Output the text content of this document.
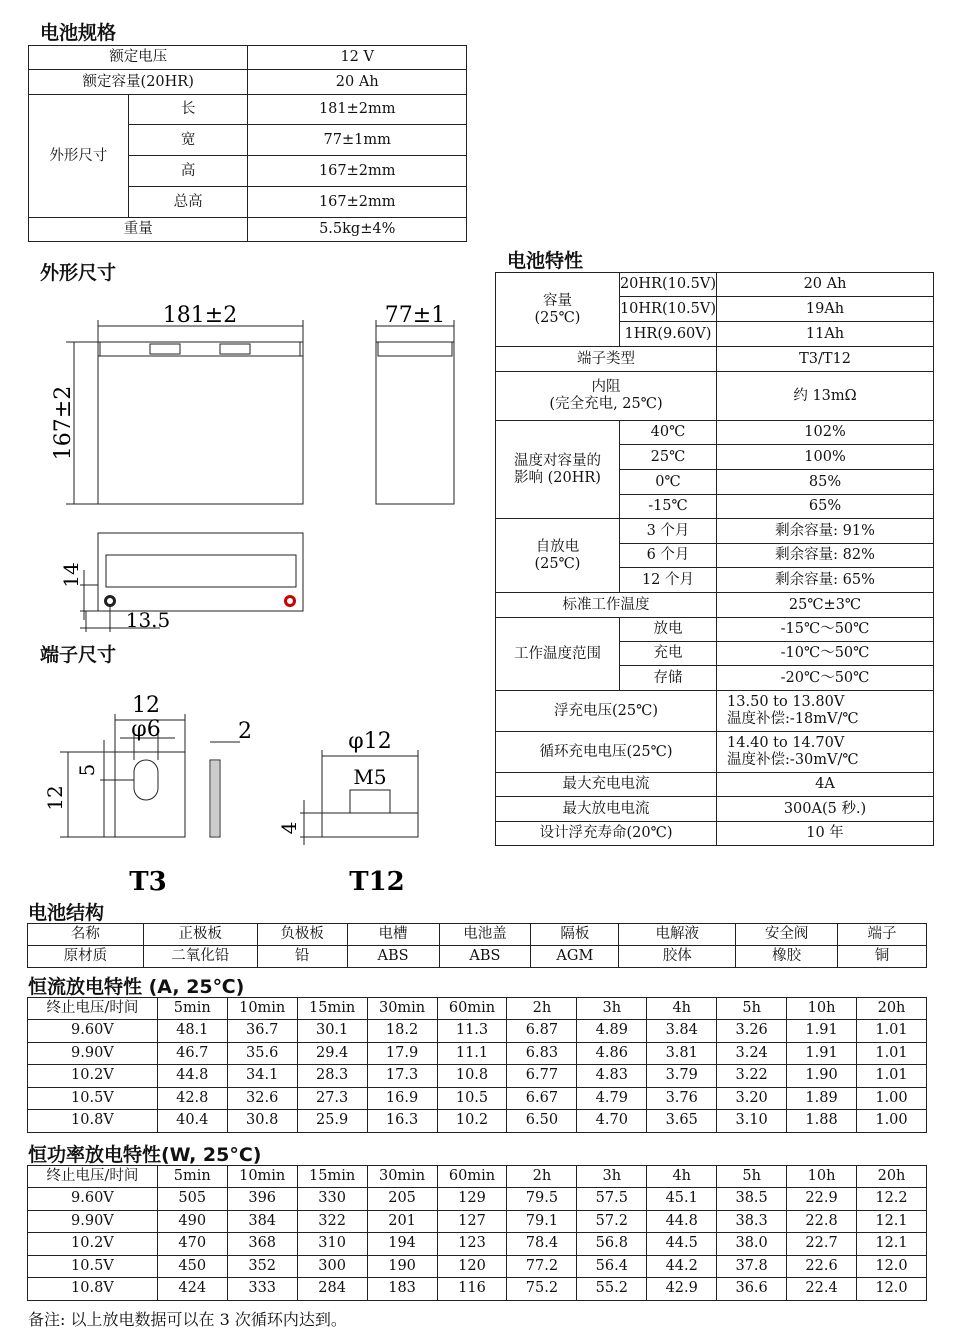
电池规格
额定电压		12 V
额定容量(20HR)		20 Ah
外形尺寸	长	181±2mm
	宽	77±1mm
	高	167±2mm
	总高	167±2mm
重量		5.5kg±4%
外形尺寸
181±2	77±1
167±2
14
13.5
端子尺寸
12
φ6	2
5
12
φ12
M5
4
T3	T12
电池特性
容量
(25℃)	20HR(10.5V)	20 Ah
	10HR(10.5V)	19Ah
	1HR(9.60V)	11Ah
端子类型		T3/T12
内阻
(完全充电, 25℃)		约 13mΩ
温度对容量的
影响 (20HR)	40℃	102%
	25℃	100%
	0℃	85%
	-15℃	65%
自放电
(25℃)	3 个月	剩余容量: 91%
	6 个月	剩余容量: 82%
	12 个月	剩余容量: 65%
标准工作温度		25℃±3℃
工作温度范围	放电	-15℃～50℃
	充电	-10℃～50℃
	存储	-20℃～50℃
浮充电压(25℃)		13.50 to 13.80V
温度补偿:-18mV/℃
循环充电电压(25℃)		14.40 to 14.70V
温度补偿:-30mV/℃
最大充电电流		4A
最大放电电流		300A(5 秒.)
设计浮充寿命(20℃)		10 年
电池结构
名称	正极板	负极板	电槽	电池盖	隔板	电解液	安全阀	端子
原材质	二氧化铅	铅	ABS	ABS	AGM	胶体	橡胶	铜
恒流放电特性 (A, 25℃)
终止电压/时间	5min	10min	15min	30min	60min	2h	3h	4h	5h	10h	20h
9.60V	48.1	36.7	30.1	18.2	11.3	6.87	4.89	3.84	3.26	1.91	1.01
9.90V	46.7	35.6	29.4	17.9	11.1	6.83	4.86	3.81	3.24	1.91	1.01
10.2V	44.8	34.1	28.3	17.3	10.8	6.77	4.83	3.79	3.22	1.90	1.01
10.5V	42.8	32.6	27.3	16.9	10.5	6.67	4.79	3.76	3.20	1.89	1.00
10.8V	40.4	30.8	25.9	16.3	10.2	6.50	4.70	3.65	3.10	1.88	1.00
恒功率放电特性(W, 25°C)
终止电压/时间	5min	10min	15min	30min	60min	2h	3h	4h	5h	10h	20h
9.60V	505	396	330	205	129	79.5	57.5	45.1	38.5	22.9	12.2
9.90V	490	384	322	201	127	79.1	57.2	44.8	38.3	22.8	12.1
10.2V	470	368	310	194	123	78.4	56.8	44.5	38.0	22.7	12.1
10.5V	450	352	300	190	120	77.2	56.4	44.2	37.8	22.6	12.0
10.8V	424	333	284	183	116	75.2	55.2	42.9	36.6	22.4	12.0
备注: 以上放电数据可以在 3 次循环内达到。
